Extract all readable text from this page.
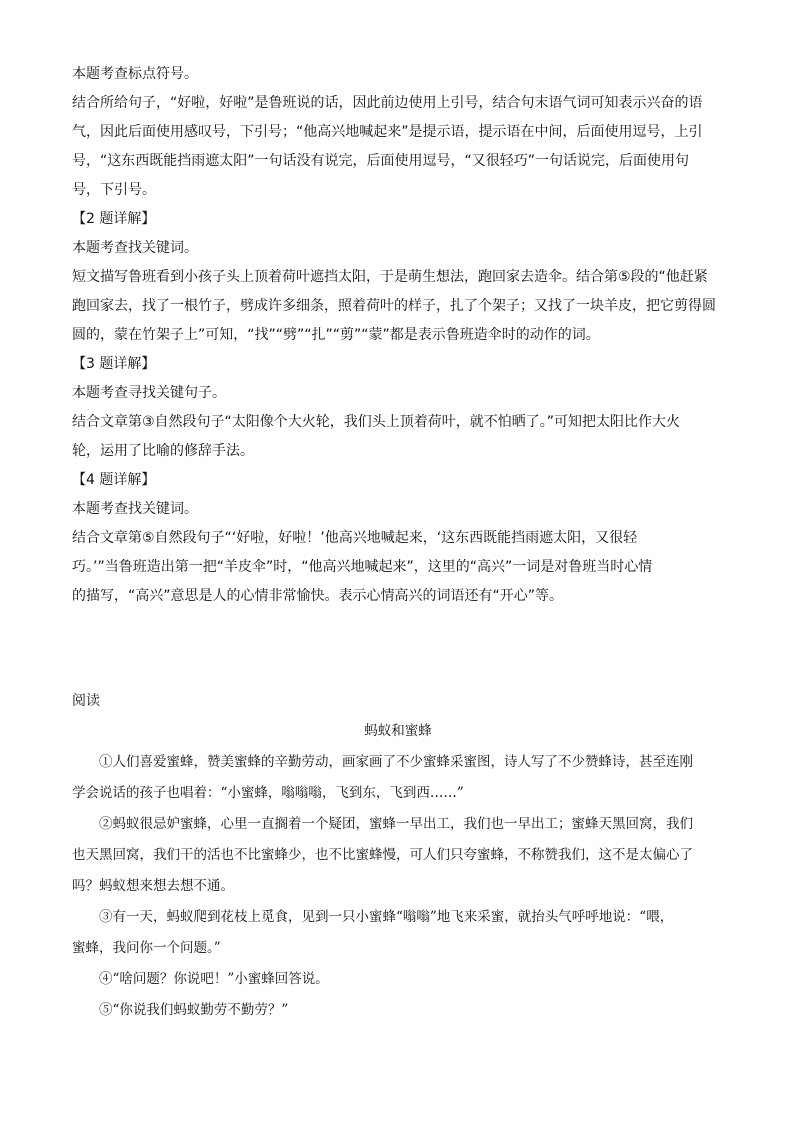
本题考查标点符号。
结合所给句子，“好啦，好啦”是鲁班说的话，因此前边使用上引号，结合句末语气词可知表示兴奋的语
气，因此后面使用感叹号，下引号；“他高兴地喊起来”是提示语，提示语在中间，后面使用逗号，上引
号，“这东西既能挡雨遮太阳”一句话没有说完，后面使用逗号，“又很轻巧”一句话说完，后面使用句
号，下引号。
【2 题详解】
本题考查找关键词。
短文描写鲁班看到小孩子头上顶着荷叶遮挡太阳，于是萌生想法，跑回家去造伞。结合第⑤段的“他赶紧
跑回家去，找了一根竹子，劈成许多细条，照着荷叶的样子，扎了个架子；又找了一块羊皮，把它剪得圆
圆的，蒙在竹架子上”可知，“找”“劈”“扎”“剪”“蒙”都是表示鲁班造伞时的动作的词。
【3 题详解】
本题考查寻找关键句子。
结合文章第③自然段句子“太阳像个大火轮，我们头上顶着荷叶，就不怕晒了。”可知把太阳比作大火
轮，运用了比喻的修辞手法。
【4 题详解】
本题考查找关键词。
结合文章第⑤自然段句子“‘好啦，好啦！’他高兴地喊起来，‘这东西既能挡雨遮太阳，又很轻
巧。’”当鲁班造出第一把“羊皮伞”时，“他高兴地喊起来”，这里的“高兴”一词是对鲁班当时心情
的描写，“高兴”意思是人的心情非常愉快。表示心情高兴的词语还有“开心”等。
阅读
蚂蚁和蜜蜂
①人们喜爱蜜蜂，赞美蜜蜂的辛勤劳动，画家画了不少蜜蜂采蜜图，诗人写了不少赞蜂诗，甚至连刚
学会说话的孩子也唱着：“小蜜蜂，嗡嗡嗡，飞到东，飞到西……”
②蚂蚁很忌妒蜜蜂，心里一直搁着一个疑团，蜜蜂一早出工，我们也一早出工；蜜蜂天黑回窝，我们
也天黑回窝，我们干的活也不比蜜蜂少，也不比蜜蜂慢，可人们只夸蜜蜂，不称赞我们，这不是太偏心了
吗？蚂蚁想来想去想不通。
③有一天，蚂蚁爬到花枝上觅食，见到一只小蜜蜂“嗡嗡”地飞来采蜜，就抬头气呼呼地说：“喂，
蜜蜂，我问你一个问题。”
④“啥问题？你说吧！”小蜜蜂回答说。
⑤“你说我们蚂蚁勤劳不勤劳？”
